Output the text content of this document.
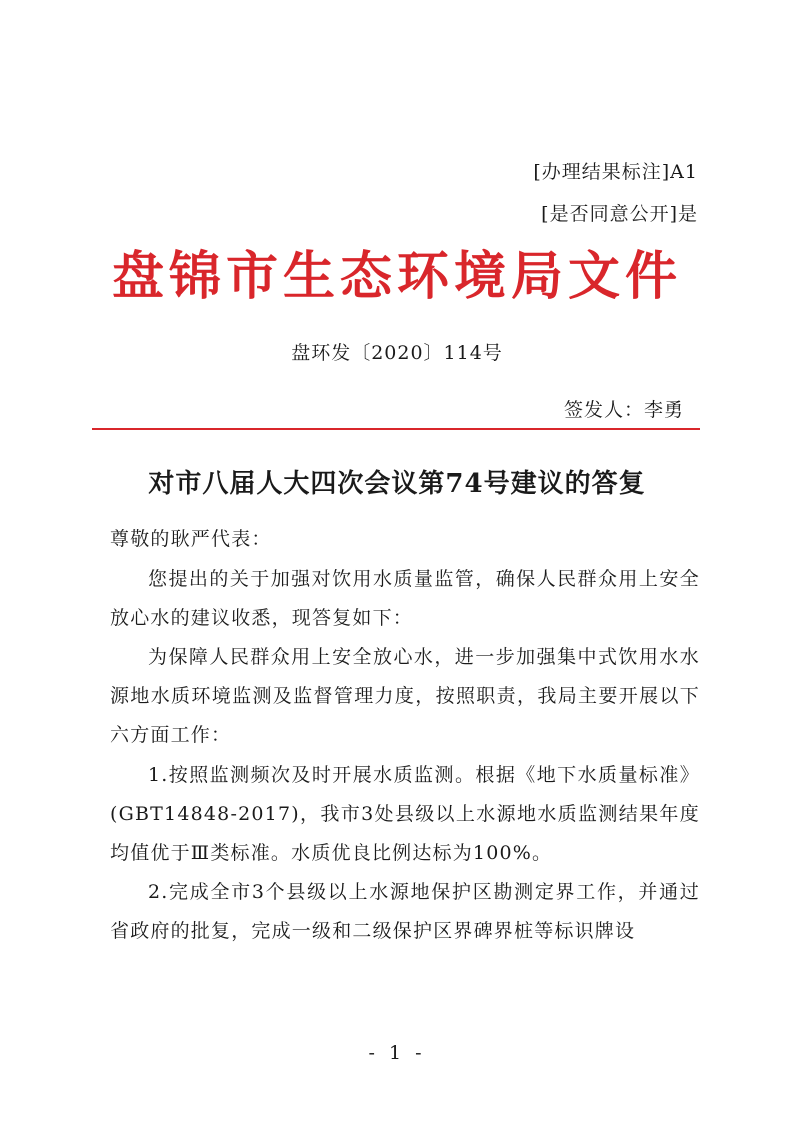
[办理结果标注]A1
[是否同意公开]是
盘锦市生态环境局文件
盘环发〔2020〕114号
签发人：李勇
对市八届人大四次会议第74号建议的答复

尊敬的耿严代表：

您提出的关于加强对饮用水质量监管，确保人民群众用上安全放心水的建议收悉，现答复如下：

为保障人民群众用上安全放心水，进一步加强集中式饮用水水源地水质环境监测及监督管理力度，按照职责，我局主要开展以下六方面工作：

1.按照监测频次及时开展水质监测。根据《地下水质量标准》(GBT14848-2017)，我市3处县级以上水源地水质监测结果年度均值优于Ⅲ类标准。水质优良比例达标为100%。

2.完成全市3个县级以上水源地保护区勘测定界工作，并通过省政府的批复，完成一级和二级保护区界碑界桩等标识牌设

- 1 -
